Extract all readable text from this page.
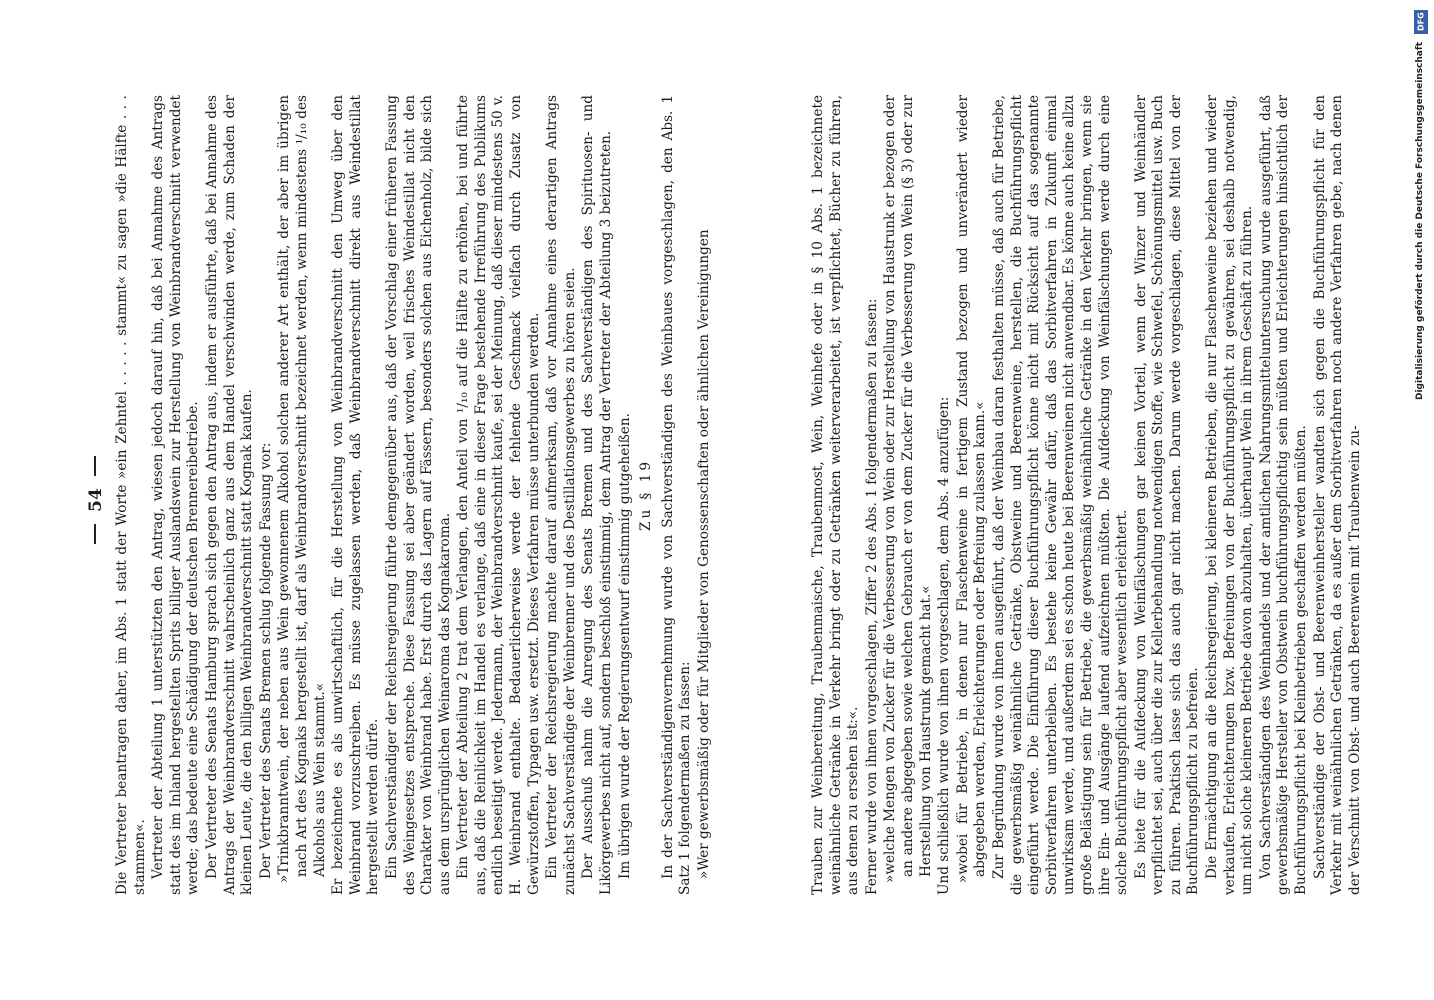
54 Die Vertreter beantragen daher, im Abs. 1 statt der Worte »ein Zehntel . . . . . stammt« zu sagen »die Hälfte . . . stammen«. Vertreter der Abteilung 1 unterstützten den Antrag, wiesen jedoch darauf hin, daß bei Annahme des Antrags statt des im Inland hergestellten Sprits billiger Auslandswein zur Herstellung von Weinbrandverschnitt verwendet werde; das bedeute eine Schädigung der deutschen Brennereibetriebe. Der Vertreter des Senats Hamburg sprach sich gegen den Antrag aus, indem er ausführte, daß bei Annahme des Antrags der Weinbrandverschnitt wahrscheinlich ganz aus dem Handel verschwinden werde, zum Schaden der kleinen Leute, die den billigen Weinbrandverschnitt statt Kognak kaufen. Der Vertreter des Senats Bremen schlug folgende Fassung vor: »Trinkbranntwein, der neben aus Wein gewonnenem Alkohol solchen anderer Art enthält, der aber im übrigen nach Art des Kognaks hergestellt ist, darf als Weinbrandverschnitt bezeichnet werden, wenn mindestens ¹/₁₀ des Alkohols aus Wein stammt.« Er bezeichnete es als unwirtschaftlich, für die Herstellung von Weinbrandverschnitt den Umweg über den Weinbrand vorzuschreiben. Es müsse zugelassen werden, daß Weinbrandverschnitt direkt aus Weindestillat hergestellt werden dürfe. Ein Sachverständiger der Reichsregierung führte demgegenüber aus, daß der Vorschlag einer früheren Fassung des Weingesetzes entspreche. Diese Fassung sei aber geändert worden, weil frisches Weindestillat nicht den Charakter von Weinbrand habe. Erst durch das Lagern auf Fässern, besonders solchen aus Eichenholz, bilde sich aus dem ursprünglichen Weinaroma das Kognakaroma. Ein Vertreter der Abteilung 2 trat dem Verlangen, den Anteil von ¹/₁₀ auf die Hälfte zu erhöhen, bei und führte aus, daß die Reinlichkeit im Handel es verlange, daß eine in dieser Frage bestehende Irreführung des Publikums endlich beseitigt werde. Jedermann, der Weinbrandverschnitt kaufe, sei der Meinung, daß dieser mindestens 50 v. H. Weinbrand enthalte. Bedauerlicherweise werde der fehlende Geschmack vielfach durch Zusatz von Gewürzstoffen, Typagen usw. ersetzt. Dieses Verfahren müsse unterbunden werden. Ein Vertreter der Reichsregierung machte darauf aufmerksam, daß vor Annahme eines derartigen Antrags zunächst Sachverständige der Weinbrenner und des Destillationsgewerbes zu hören seien. Der Ausschuß nahm die Anregung des Senats Bremen und des Sachverständigen des Spirituosen- und Likörgewerbes nicht auf, sondern beschloß einstimmig, dem Antrag der Vertreter der Abteilung 3 beizutreten. Im übrigen wurde der Regierungsentwurf einstimmig gutgeheißen. Zu § 19 In der Sachverständigenvernehmung wurde von Sachverständigen des Weinbaues vorgeschlagen, den Abs. 1 Satz 1 folgendermaßen zu fassen: »Wer gewerbsmäßig oder für Mitglieder von Genossenschaften oder ähnlichen Vereinigungen	Trauben zur Weinbereitung, Traubenmaische, Traubenmost, Wein, Weinhefe oder in § 10 Abs. 1 bezeichnete weinähnliche Getränke in Verkehr bringt oder zu Getränken weiterverarbeitet, ist verpflichtet, Bücher zu führen, aus denen zu ersehen ist:«. Ferner wurde von ihnen vorgeschlagen, Ziffer 2 des Abs. 1 folgendermaßen zu fassen: »welche Mengen von Zucker für die Verbesserung von Wein oder zur Herstellung von Haustrunk er bezogen oder an andere abgegeben sowie welchen Gebrauch er von dem Zucker für die Verbesserung von Wein (§ 3) oder zur Herstellung von Haustrunk gemacht hat.« Und schließlich wurde von ihnen vorgeschlagen, dem Abs. 4 anzufügen: »wobei für Betriebe, in denen nur Flaschenweine in fertigem Zustand bezogen und unverändert wieder abgegeben werden, Erleichterungen oder Befreiung zulassen kann.« Zur Begründung wurde von ihnen ausgeführt, daß der Weinbau daran festhalten müsse, daß auch für Betriebe, die gewerbsmäßig weinähnliche Getränke, Obstweine und Beerenweine, herstellen, die Buchführungspflicht eingeführt werde. Die Einführung dieser Buchführungspflicht könne nicht mit Rücksicht auf das sogenannte Sorbitverfahren unterbleiben. Es bestehe keine Gewähr dafür, daß das Sorbitverfahren in Zukunft einmal unwirksam werde, und außerdem sei es schon heute bei Beerenweinen nicht anwendbar. Es könne auch keine allzu große Belästigung sein für Betriebe, die gewerbsmäßig weinähnliche Getränke in den Verkehr bringen, wenn sie ihre Ein- und Ausgänge laufend aufzeichnen müßten. Die Aufdeckung von Weinfälschungen werde durch eine solche Buchführungspflicht aber wesentlich erleichtert. Es biete für die Aufdeckung von Weinfälschungen gar keinen Vorteil, wenn der Winzer und Weinhändler verpflichtet sei, auch über die zur Kellerbehandlung notwendigen Stoffe, wie Schwefel, Schönungsmittel usw. Buch zu führen. Praktisch lasse sich das auch gar nicht machen. Darum werde vorgeschlagen, diese Mittel von der Buchführungspflicht zu befreien. Die Ermächtigung an die Reichsregierung, bei kleineren Betrieben, die nur Flaschenweine beziehen und wieder verkaufen, Erleichterungen bzw. Befreiungen von der Buchführungspflicht zu gewähren, sei deshalb notwendig, um nicht solche kleineren Betriebe davon abzuhalten, überhaupt Wein in ihrem Geschäft zu führen. Von Sachverständigen des Weinhandels und der amtlichen Nahrungsmitteluntersuchung wurde ausgeführt, daß gewerbsmäßige Hersteller von Obstwein buchführungspflichtig sein müßten und Erleichterungen hinsichtlich der Buchführungspflicht bei Kleinbetrieben geschaffen werden müßten. Sachverständige der Obst- und Beerenweinhersteller wandten sich gegen die Buchführungspflicht für den Verkehr mit weinähnlichen Getränken, da es außer dem Sorbitverfahren noch andere Verfahren gebe, nach denen der Verschnitt von Obst- und auch Beerenwein mit Traubenwein zu-

DFG
Digitalisierung gefördert durch die Deutsche Forschungsgemeinschaft
